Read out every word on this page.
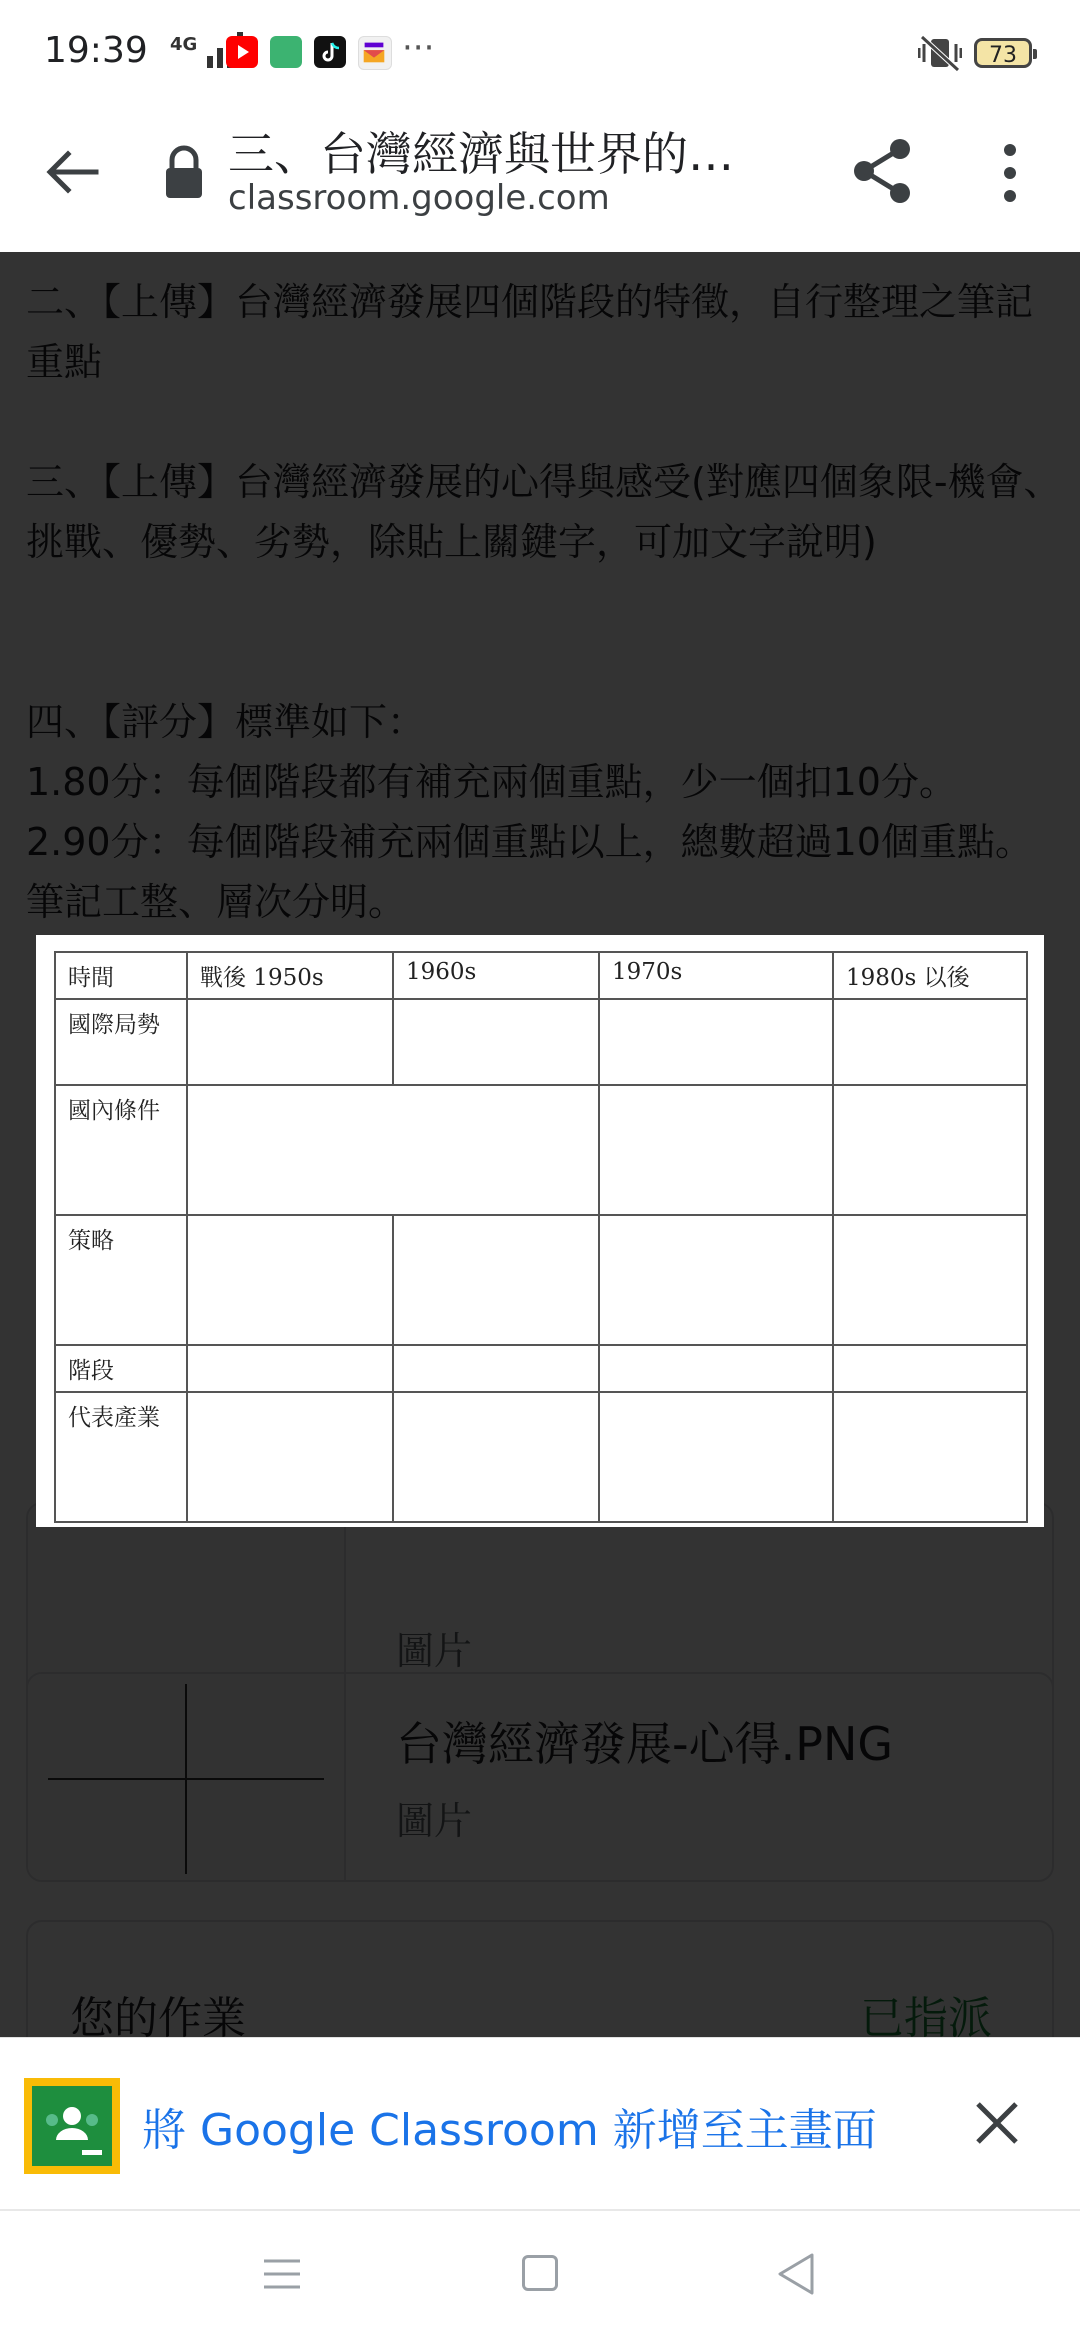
19:39 4G	···	73
三、台灣經濟與世界的…
classroom.google.com

時間	戰後 1950s	1960s	1970s	1980s 以後
國際局勢				
國內條件				
策略				
階段				
代表產業				
將 Google Classroom 新增至主畫面
